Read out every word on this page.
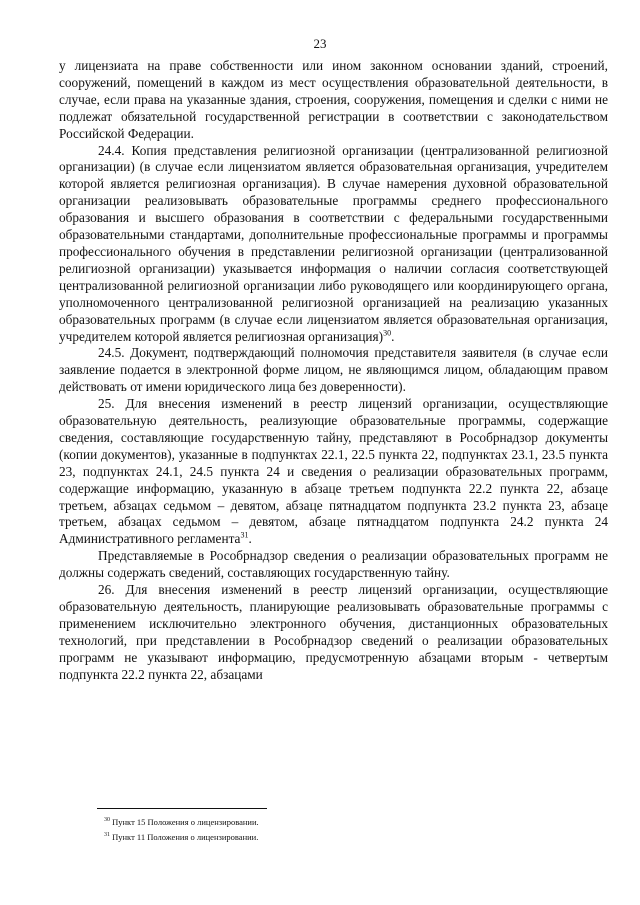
23

у лицензиата на праве собственности или ином законном основании зданий, строений, сооружений, помещений в каждом из мест осуществления образовательной деятельности, в случае, если права на указанные здания, строения, сооружения, помещения и сделки с ними не подлежат обязательной государственной регистрации в соответствии с законодательством Российской Федерации.

24.4. Копия представления религиозной организации (централизованной религиозной организации) (в случае если лицензиатом является образовательная организация, учредителем которой является религиозная организация). В случае намерения духовной образовательной организации реализовывать образовательные программы среднего профессионального образования и высшего образования в соответствии с федеральными государственными образовательными стандартами, дополнительные профессиональные программы и программы профессионального обучения в представлении религиозной организации (централизованной религиозной организации) указывается информация о наличии согласия соответствующей централизованной религиозной организации либо руководящего или координирующего органа, уполномоченного централизованной религиозной организацией на реализацию указанных образовательных программ (в случае если лицензиатом является образовательная организация, учредителем которой является религиозная организация)$^{30}$.

24.5. Документ, подтверждающий полномочия представителя заявителя (в случае если заявление подается в электронной форме лицом, не являющимся лицом, обладающим правом действовать от имени юридического лица без доверенности).

25. Для внесения изменений в реестр лицензий организации, осуществляющие образовательную деятельность, реализующие образовательные программы, содержащие сведения, составляющие государственную тайну, представляют в Рособрнадзор документы (копии документов), указанные в подпунктах 22.1, 22.5 пункта 22, подпунктах 23.1, 23.5 пункта 23, подпунктах 24.1, 24.5 пункта 24 и сведения о реализации образовательных программ, содержащие информацию, указанную в абзаце третьем подпункта 22.2 пункта 22, абзаце третьем, абзацах седьмом – девятом, абзаце пятнадцатом подпункта 23.2 пункта 23, абзаце третьем, абзацах седьмом – девятом, абзаце пятнадцатом подпункта 24.2 пункта 24 Административного регламента$^{31}$.

Представляемые в Рособрнадзор сведения о реализации образовательных программ не должны содержать сведений, составляющих государственную тайну.

26. Для внесения изменений в реестр лицензий организации, осуществляющие образовательную деятельность, планирующие реализовывать образовательные программы с применением исключительно электронного обучения, дистанционных образовательных технологий, при представлении в Рособрнадзор сведений о реализации образовательных программ не указывают информацию, предусмотренную абзацами вторым - четвертым подпункта 22.2 пункта 22, абзацами

$^{30}$ Пункт 15 Положения о лицензировании.
$^{31}$ Пункт 11 Положения о лицензировании.
